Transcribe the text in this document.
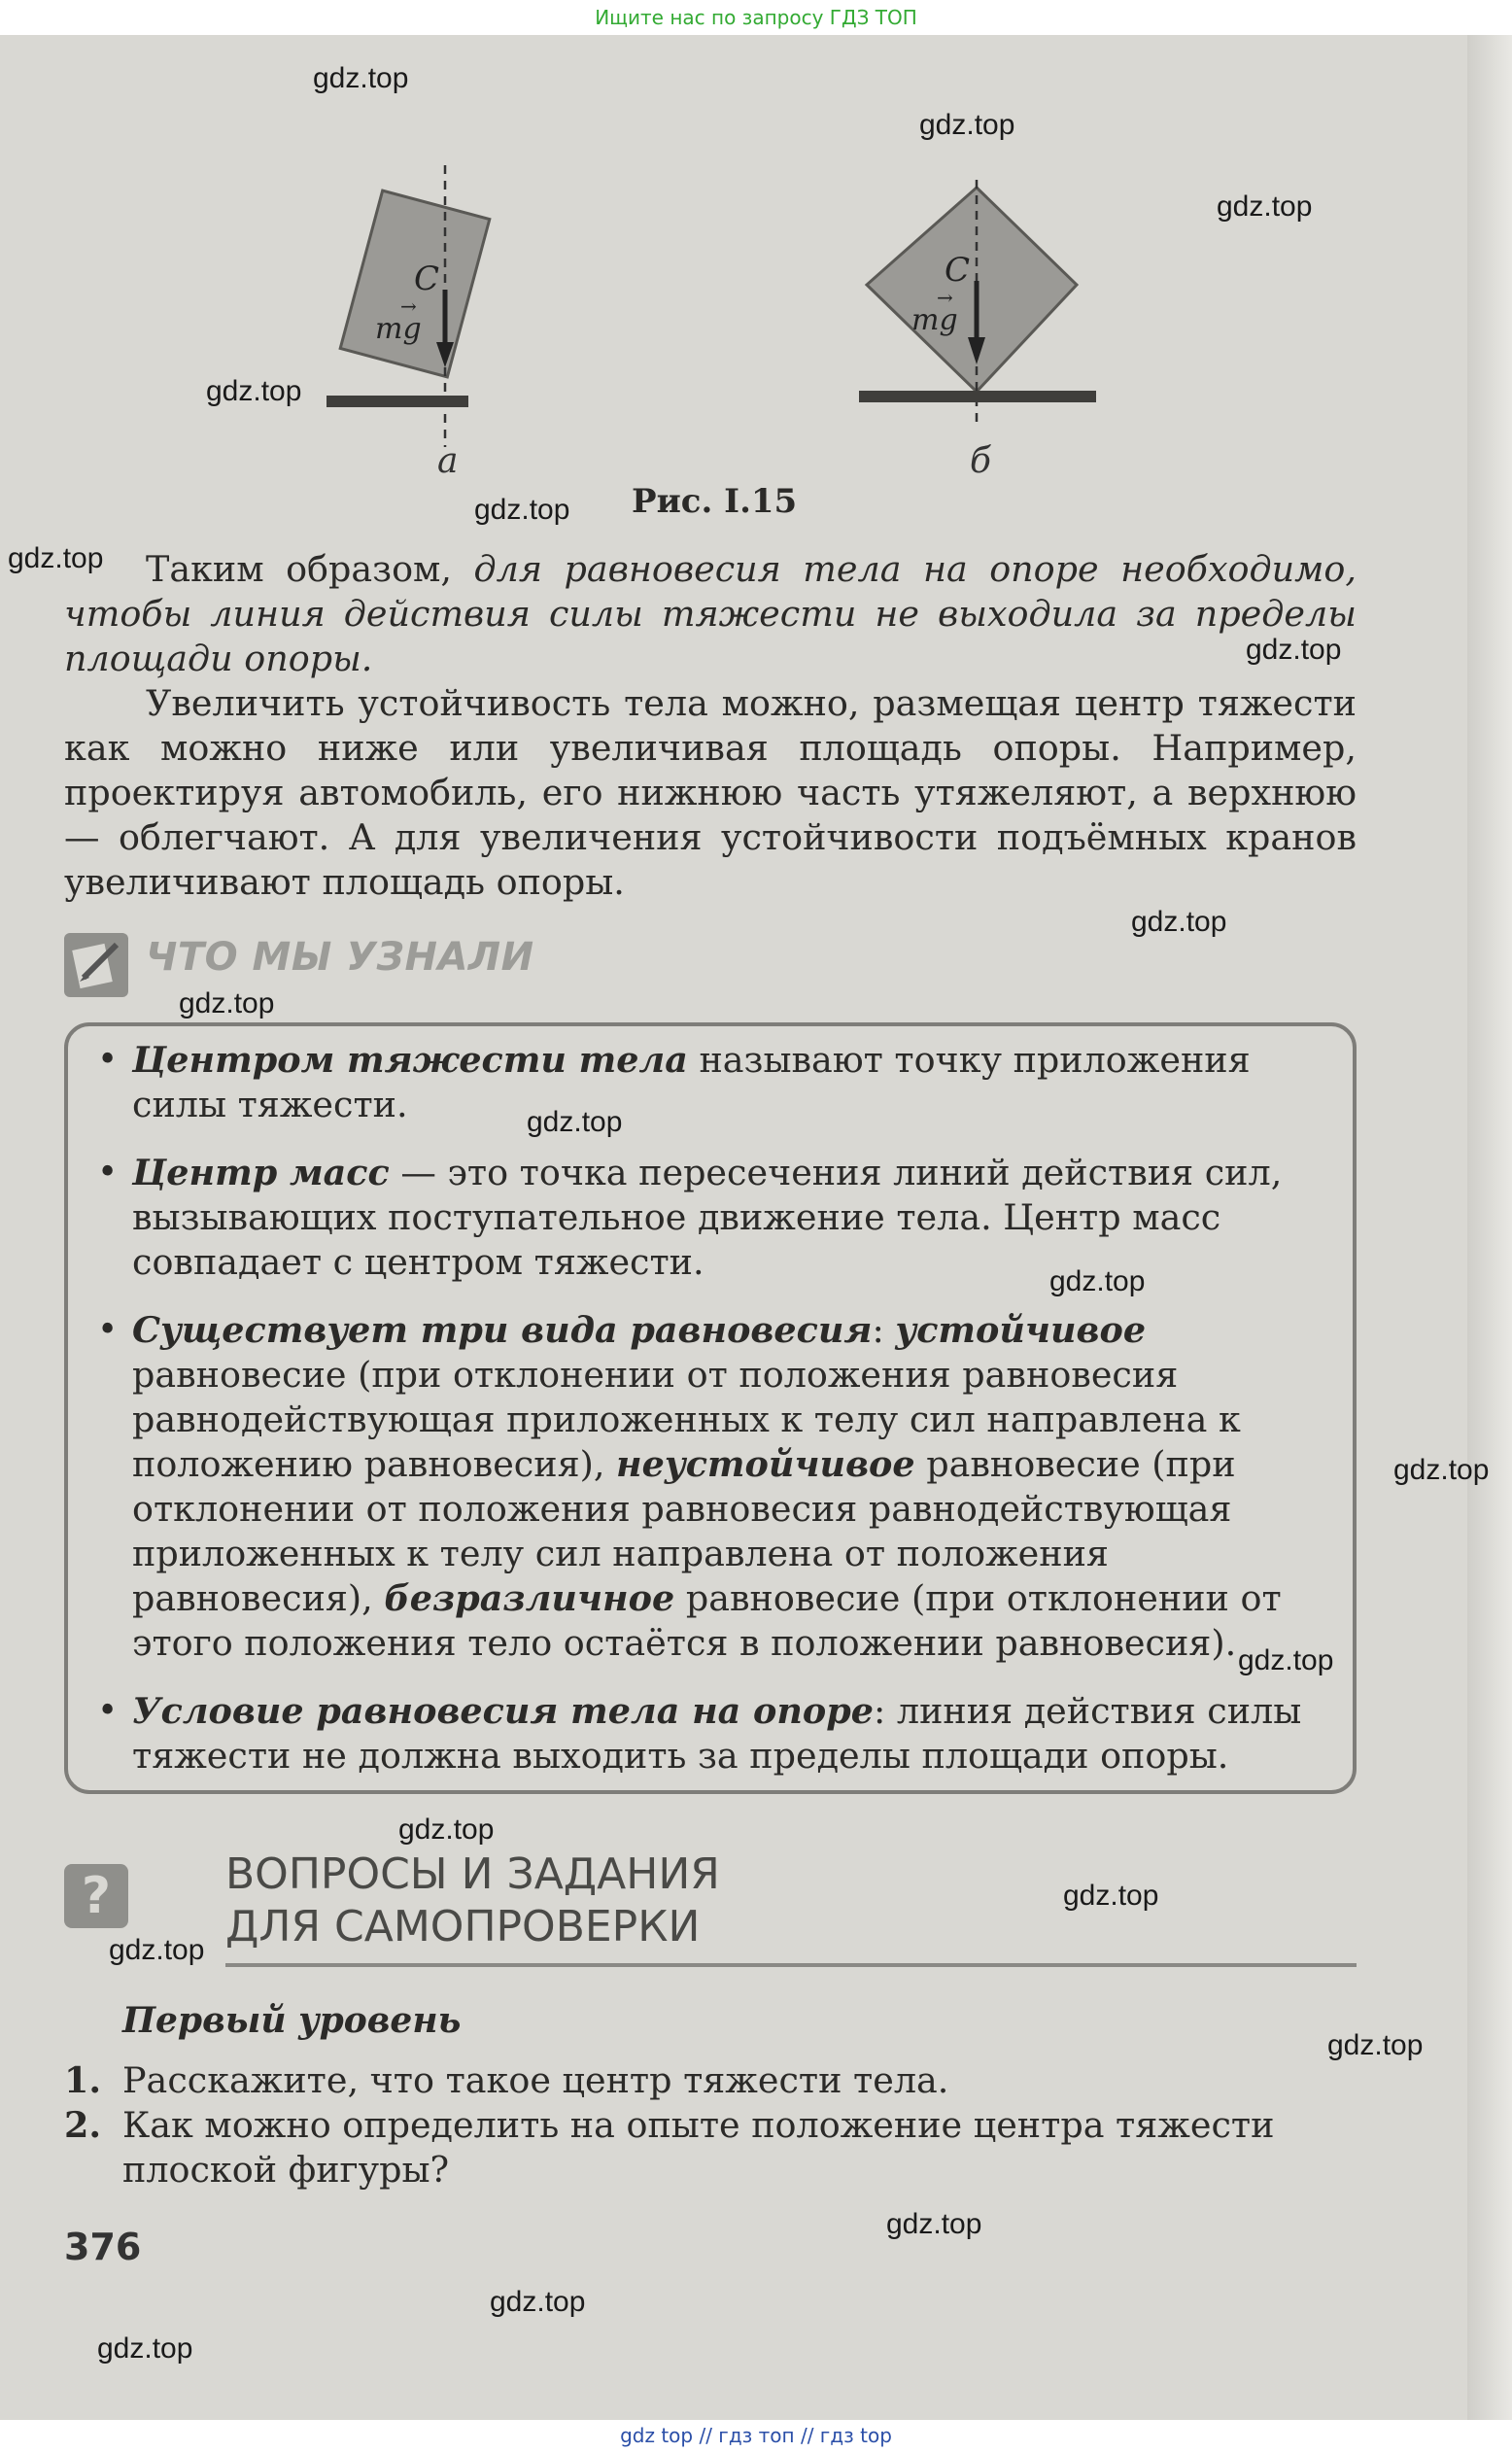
Ищите нас по запросу ГДЗ ТОП
C
mg
→
C
mg
→
а	б
Рис. I.15

Таким образом, для равновесия тела на опоре необходимо, чтобы линия действия силы тяжести не выходила за пределы площади опоры.

Увеличить устойчивость тела можно, размещая центр тяжести как можно ниже или увеличивая площадь опоры. Например, проектируя автомобиль, его нижнюю часть утяжеляют, а верхнюю — облегчают. А для увеличения устойчивости подъёмных кранов увеличивают площадь опоры.

ЧТО МЫ УЗНАЛИ

• Центром тяжести тела называют точку приложения силы тяжести.

• Центр масс — это точка пересечения линий действия сил, вызывающих поступательное движение тела. Центр масс совпадает с центром тяжести.

• Существует три вида равновесия: устойчивое равновесие (при отклонении от положения равновесия равнодействующая приложенных к телу сил направлена к положению равновесия), неустойчивое равновесие (при отклонении от положения равновесия равнодействующая приложенных к телу сил направлена от положения равновесия), безразличное равновесие (при отклонении от этого положения тело остаётся в положении равновесия).

• Условие равновесия тела на опоре: линия действия силы тяжести не должна выходить за пределы площади опоры.

?	ВОПРОСЫ И ЗАДАНИЯ
ДЛЯ САМОПРОВЕРКИ
Первый уровень

1. Расскажите, что такое центр тяжести тела.

2. Как можно определить на опыте положение центра тяжести плоской фигуры?

376
gdz.top
gdz.top
gdz.top
gdz.top
gdz.top
gdz.top
gdz.top
gdz.top
gdz.top
gdz.top
gdz.top
gdz.top
gdz.top
gdz.top
gdz.top
gdz.top
gdz.top
gdz.top
gdz.top
gdz.top
gdz top // гдз топ // гдз top
